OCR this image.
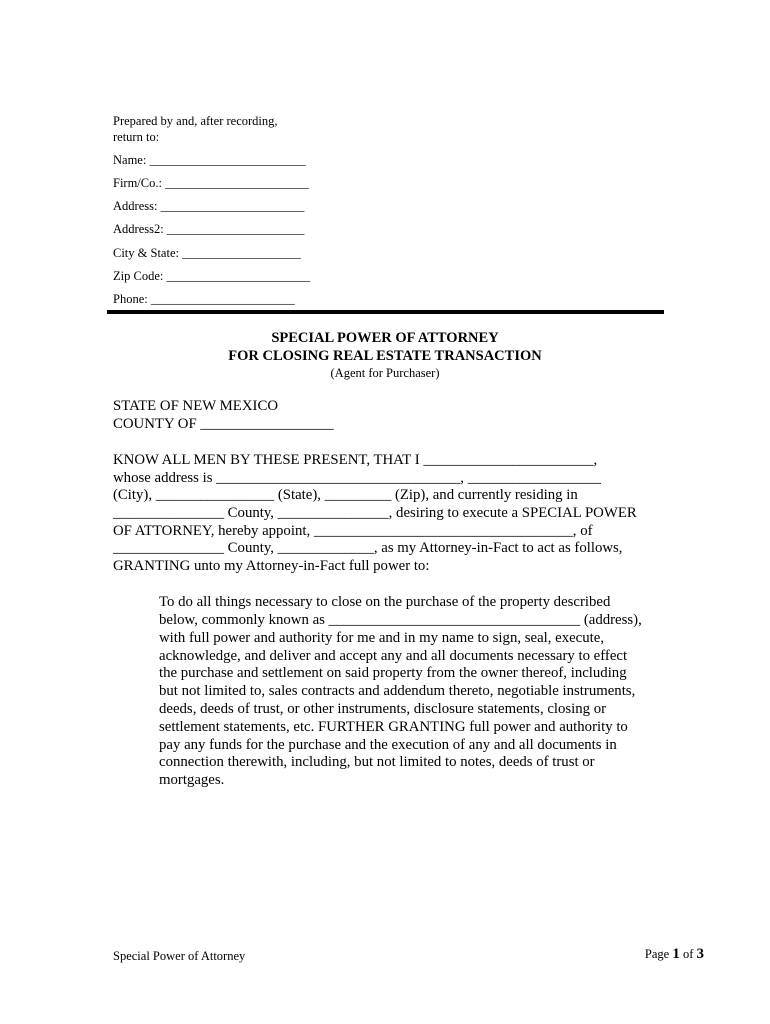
Prepared by and, after recording,
return to:
Name: _________________________
Firm/Co.: _______________________
Address: _______________________
Address2: ______________________
City & State: ___________________
Zip Code: _______________________
Phone: _______________________
SPECIAL POWER OF ATTORNEY
FOR CLOSING REAL ESTATE TRANSACTION
(Agent for Purchaser)
STATE OF NEW MEXICO
COUNTY OF __________________
KNOW ALL MEN BY THESE PRESENT, THAT I _______________________,
whose address is _________________________________, __________________
(City), ________________ (State), _________ (Zip), and currently residing in
_______________ County, _______________, desiring to execute a SPECIAL POWER
OF ATTORNEY, hereby appoint, ___________________________________, of
_______________ County, _____________, as my Attorney-in-Fact to act as follows,
GRANTING unto my Attorney-in-Fact full power to:
To do all things necessary to close on the purchase of the property described
below, commonly known as __________________________________ (address),
with full power and authority for me and in my name to sign, seal, execute,
acknowledge, and deliver and accept any and all documents necessary to effect
the purchase and settlement on said property from the owner thereof, including
but not limited to, sales contracts and addendum thereto, negotiable instruments,
deeds, deeds of trust, or other instruments, disclosure statements, closing or
settlement statements, etc. FURTHER GRANTING full power and authority to
pay any funds for the purchase and the execution of any and all documents in
connection therewith, including, but not limited to notes, deeds of trust or
mortgages.
Special Power of Attorney	Page 1 of 3
